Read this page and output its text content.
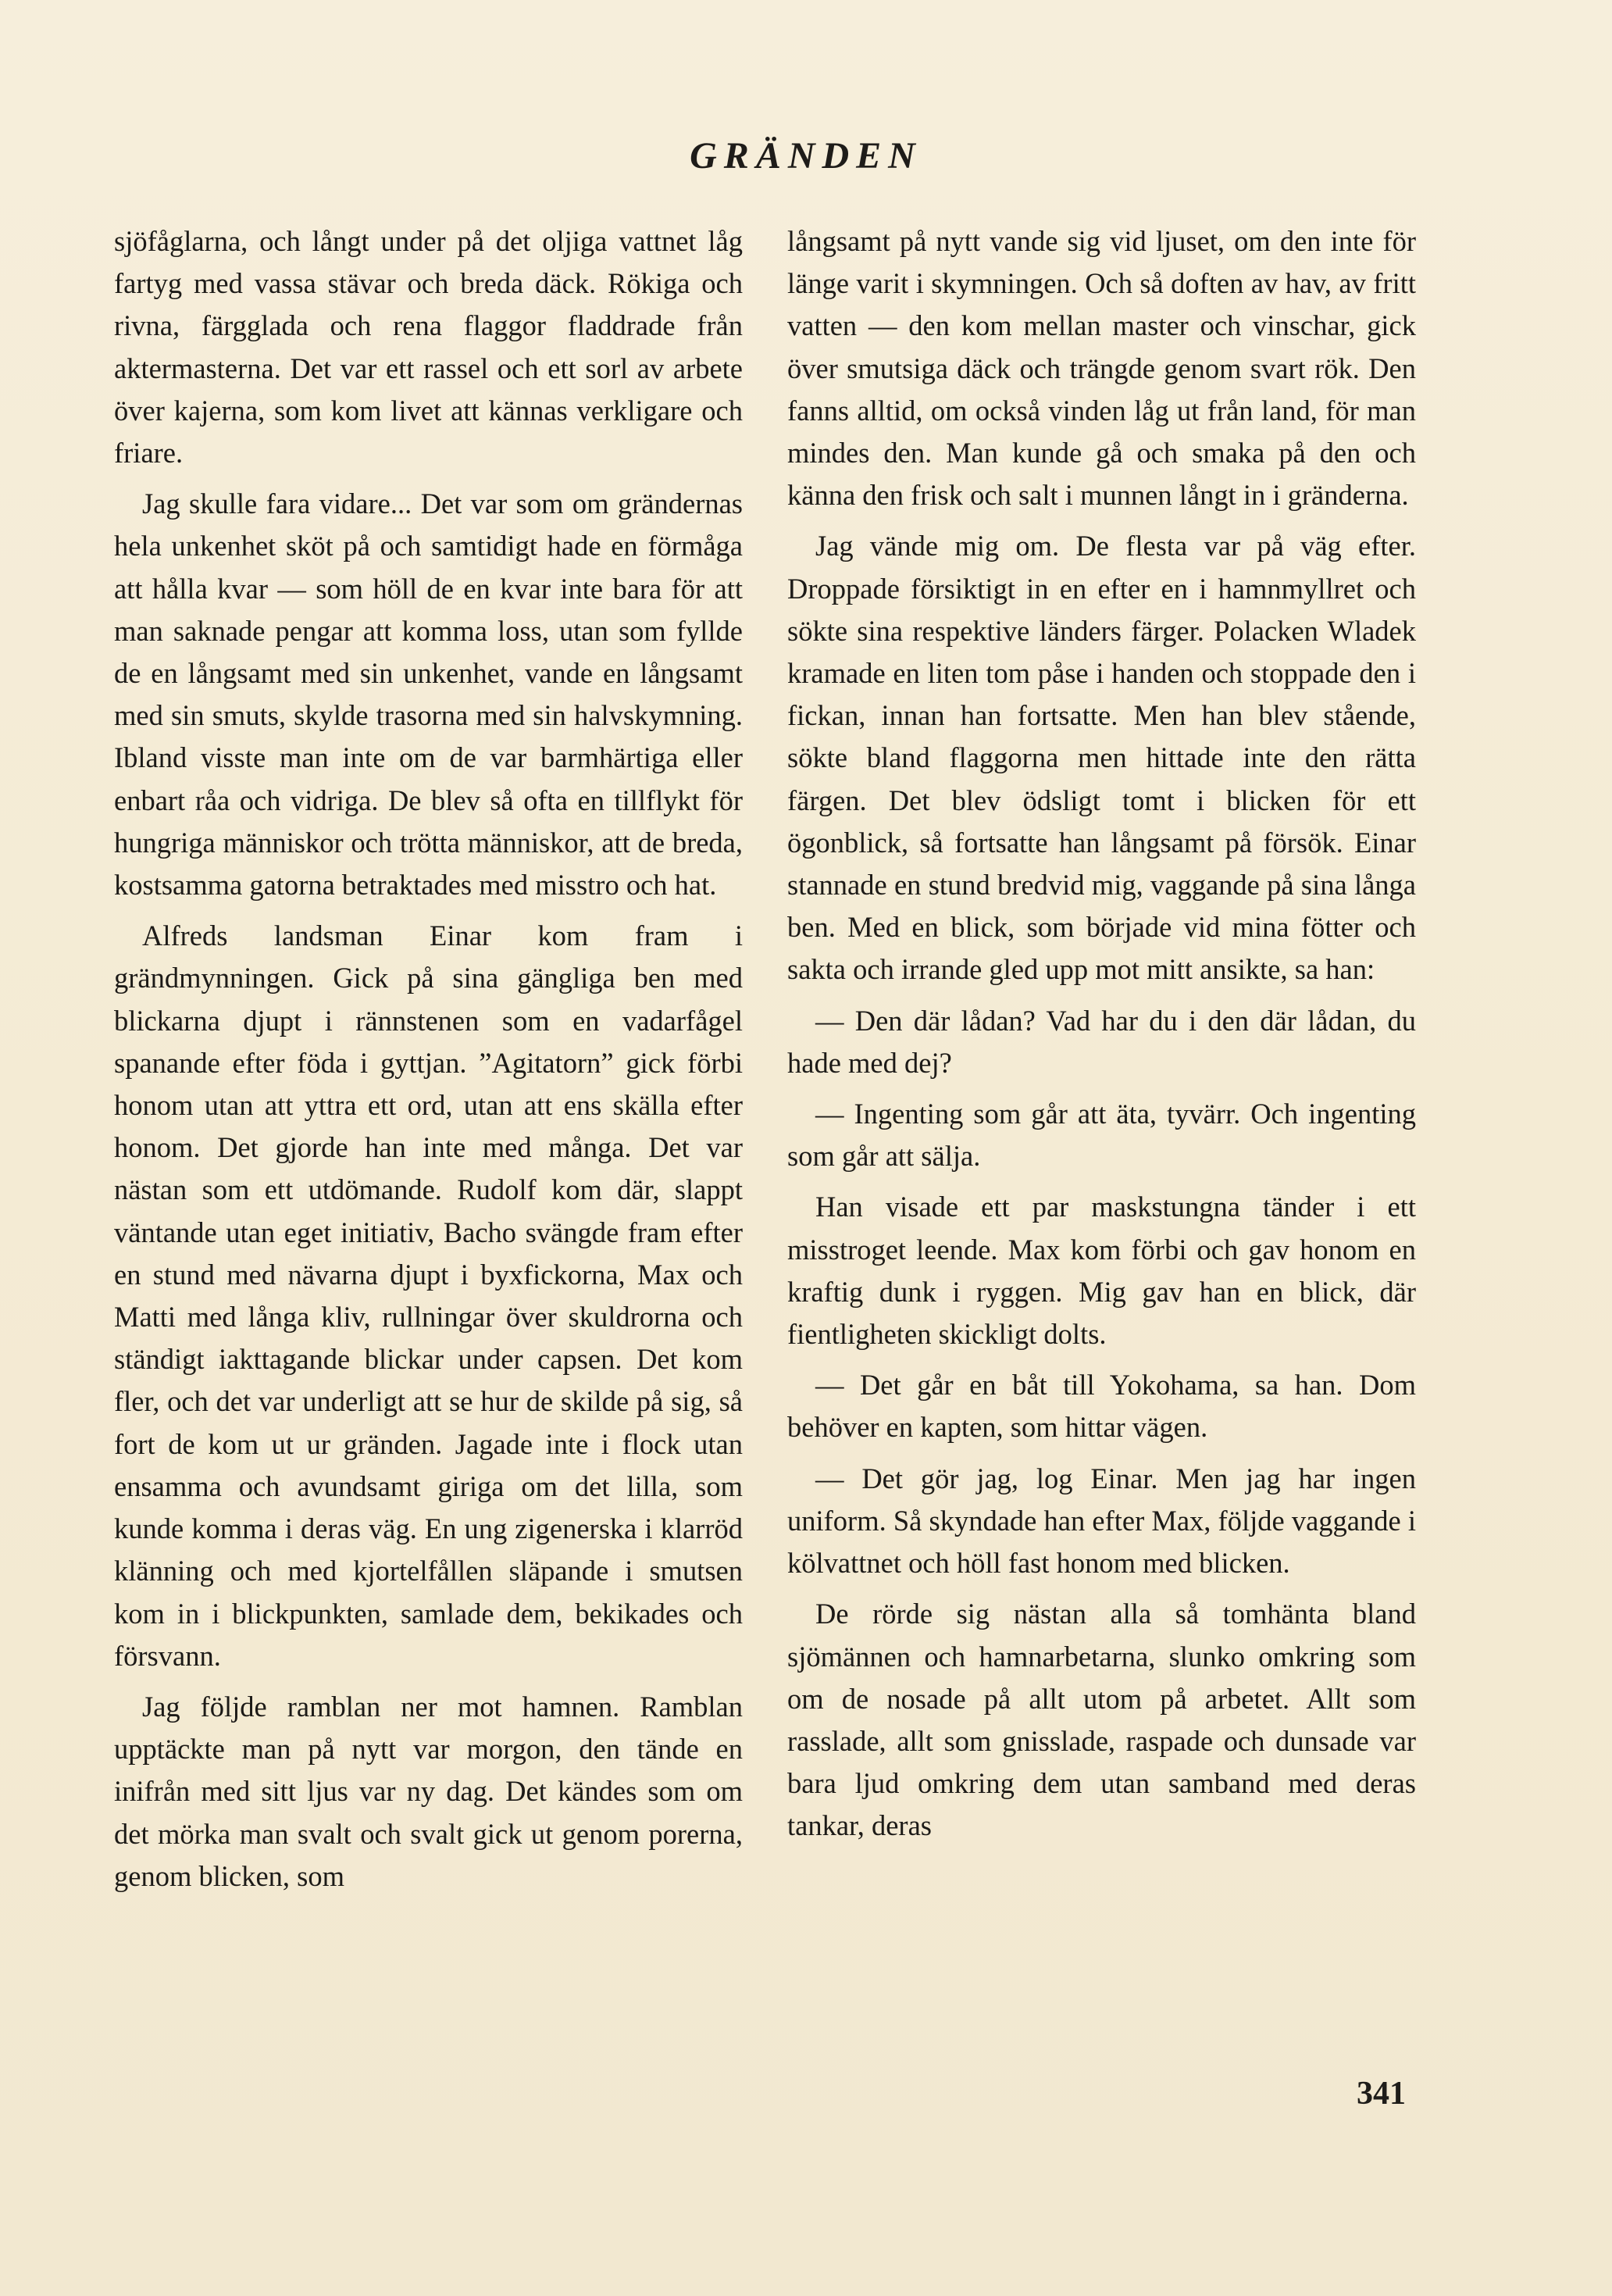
GRÄNDEN

sjöfåglarna, och långt under på det oljiga vattnet låg fartyg med vassa stävar och breda däck. Rökiga och rivna, färgglada och rena flaggor fladdrade från aktermasterna. Det var ett rassel och ett sorl av arbete över kajerna, som kom livet att kännas verkligare och friare.

Jag skulle fara vidare... Det var som om grändernas hela unkenhet sköt på och samtidigt hade en förmåga att hålla kvar — som höll de en kvar inte bara för att man saknade pengar att komma loss, utan som fyllde de en långsamt med sin unkenhet, vande en långsamt med sin smuts, skylde trasorna med sin halvskymning. Ibland visste man inte om de var barmhärtiga eller enbart råa och vidriga. De blev så ofta en tillflykt för hungriga människor och trötta människor, att de breda, kostsamma gatorna betraktades med misstro och hat.

Alfreds landsman Einar kom fram i grändmynningen. Gick på sina gängliga ben med blickarna djupt i rännstenen som en vadarfågel spanande efter föda i gyttjan. ”Agitatorn” gick förbi honom utan att yttra ett ord, utan att ens skälla efter honom. Det gjorde han inte med många. Det var nästan som ett utdömande. Rudolf kom där, slappt väntande utan eget initiativ, Bacho svängde fram efter en stund med nävarna djupt i byxfickorna, Max och Matti med långa kliv, rullningar över skuldrorna och ständigt iakttagande blickar under capsen. Det kom fler, och det var underligt att se hur de skilde på sig, så fort de kom ut ur gränden. Jagade inte i flock utan ensamma och avundsamt giriga om det lilla, som kunde komma i deras väg. En ung zigenerska i klarröd klänning och med kjortelfållen släpande i smutsen kom in i blickpunkten, samlade dem, bekikades och försvann.

Jag följde ramblan ner mot hamnen. Ramblan upptäckte man på nytt var morgon, den tände en inifrån med sitt ljus var ny dag. Det kändes som om det mörka man svalt och svalt gick ut genom porerna, genom blicken, som

långsamt på nytt vande sig vid ljuset, om den inte för länge varit i skymningen. Och så doften av hav, av fritt vatten — den kom mellan master och vinschar, gick över smutsiga däck och trängde genom svart rök. Den fanns alltid, om också vinden låg ut från land, för man mindes den. Man kunde gå och smaka på den och känna den frisk och salt i munnen långt in i gränderna.

Jag vände mig om. De flesta var på väg efter. Droppade försiktigt in en efter en i hamnmyllret och sökte sina respektive länders färger. Polacken Wladek kramade en liten tom påse i handen och stoppade den i fickan, innan han fortsatte. Men han blev stående, sökte bland flaggorna men hittade inte den rätta färgen. Det blev ödsligt tomt i blicken för ett ögonblick, så fortsatte han långsamt på försök. Einar stannade en stund bredvid mig, vaggande på sina långa ben. Med en blick, som började vid mina fötter och sakta och irrande gled upp mot mitt ansikte, sa han:

— Den där lådan? Vad har du i den där lådan, du hade med dej?

— Ingenting som går att äta, tyvärr. Och ingenting som går att sälja.

Han visade ett par maskstungna tänder i ett misstroget leende. Max kom förbi och gav honom en kraftig dunk i ryggen. Mig gav han en blick, där fientligheten skickligt dolts.

— Det går en båt till Yokohama, sa han. Dom behöver en kapten, som hittar vägen.

— Det gör jag, log Einar. Men jag har ingen uniform. Så skyndade han efter Max, följde vaggande i kölvattnet och höll fast honom med blicken.

De rörde sig nästan alla så tomhänta bland sjömännen och hamnarbetarna, slunko omkring som om de nosade på allt utom på arbetet. Allt som rasslade, allt som gnisslade, raspade och dunsade var bara ljud omkring dem utan samband med deras tankar, deras

341
